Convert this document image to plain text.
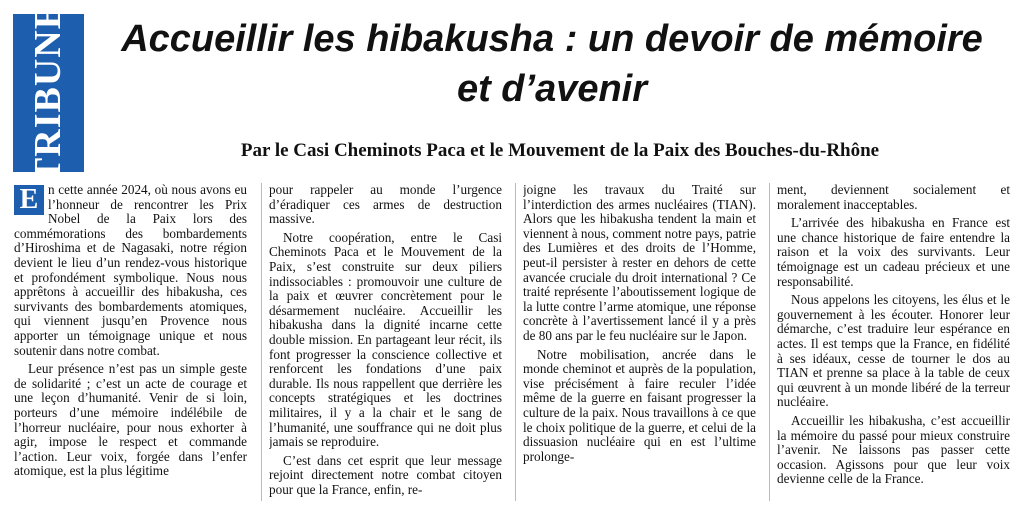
TRIBUNE	Accueillir les hibakusha : un devoir de mémoire
et d’avenir

Par le Casi Cheminots Paca et le Mouvement de la Paix des Bouches-du-Rhône

E n cette année 2024, où nous avons eu l’honneur de rencontrer les Prix Nobel de la Paix lors des commémorations des bombardements d’Hiroshima et de Nagasaki, notre région devient le lieu d’un rendez-vous historique et profondément symbolique. Nous nous apprêtons à accueillir des hibakusha, ces survivants des bombardements atomiques, qui viennent jusqu’en Provence nous apporter un témoignage unique et nous soutenir dans notre combat.

Leur présence n’est pas un simple geste de solidarité ; c’est un acte de courage et une leçon d’humanité. Venir de si loin, porteurs d’une mémoire indélébile de l’horreur nucléaire, pour nous exhorter à agir, impose le respect et commande l’action. Leur voix, forgée dans l’enfer atomique, est la plus légitime

pour rappeler au monde l’urgence d’éradiquer ces armes de destruction massive.

Notre coopération, entre le Casi Cheminots Paca et le Mouvement de la Paix, s’est construite sur deux piliers indissociables : promouvoir une culture de la paix et œuvrer concrètement pour le désarmement nucléaire. Accueillir les hibakusha dans la dignité incarne cette double mission. En partageant leur récit, ils font progresser la conscience collective et renforcent les fondations d’une paix durable. Ils nous rappellent que derrière les concepts stratégiques et les doctrines militaires, il y a la chair et le sang de l’humanité, une souffrance qui ne doit plus jamais se reproduire.

C’est dans cet esprit que leur message rejoint directement notre combat citoyen pour que la France, enfin, re-

joigne les travaux du Traité sur l’interdiction des armes nucléaires (TIAN). Alors que les hibakusha tendent la main et viennent à nous, comment notre pays, patrie des Lumières et des droits de l’Homme, peut-il persister à rester en dehors de cette avancée cruciale du droit international ? Ce traité représente l’aboutissement logique de la lutte contre l’arme atomique, une réponse concrète à l’avertissement lancé il y a près de 80 ans par le feu nucléaire sur le Japon.

Notre mobilisation, ancrée dans le monde cheminot et auprès de la population, vise précisément à faire reculer l’idée même de la guerre en faisant progresser la culture de la paix. Nous travaillons à ce que le choix politique de la guerre, et celui de la dissuasion nucléaire qui en est l’ultime prolonge-

ment, deviennent socialement et moralement inacceptables.

L’arrivée des hibakusha en France est une chance historique de faire entendre la raison et la voix des survivants. Leur témoignage est un cadeau précieux et une responsabilité.

Nous appelons les citoyens, les élus et le gouvernement à les écouter. Honorer leur démarche, c’est traduire leur espérance en actes. Il est temps que la France, en fidélité à ses idéaux, cesse de tourner le dos au TIAN et prenne sa place à la table de ceux qui œuvrent à un monde libéré de la terreur nucléaire.

Accueillir les hibakusha, c’est accueillir la mémoire du passé pour mieux construire l’avenir. Ne laissons pas passer cette occasion. Agissons pour que leur voix devienne celle de la France.
